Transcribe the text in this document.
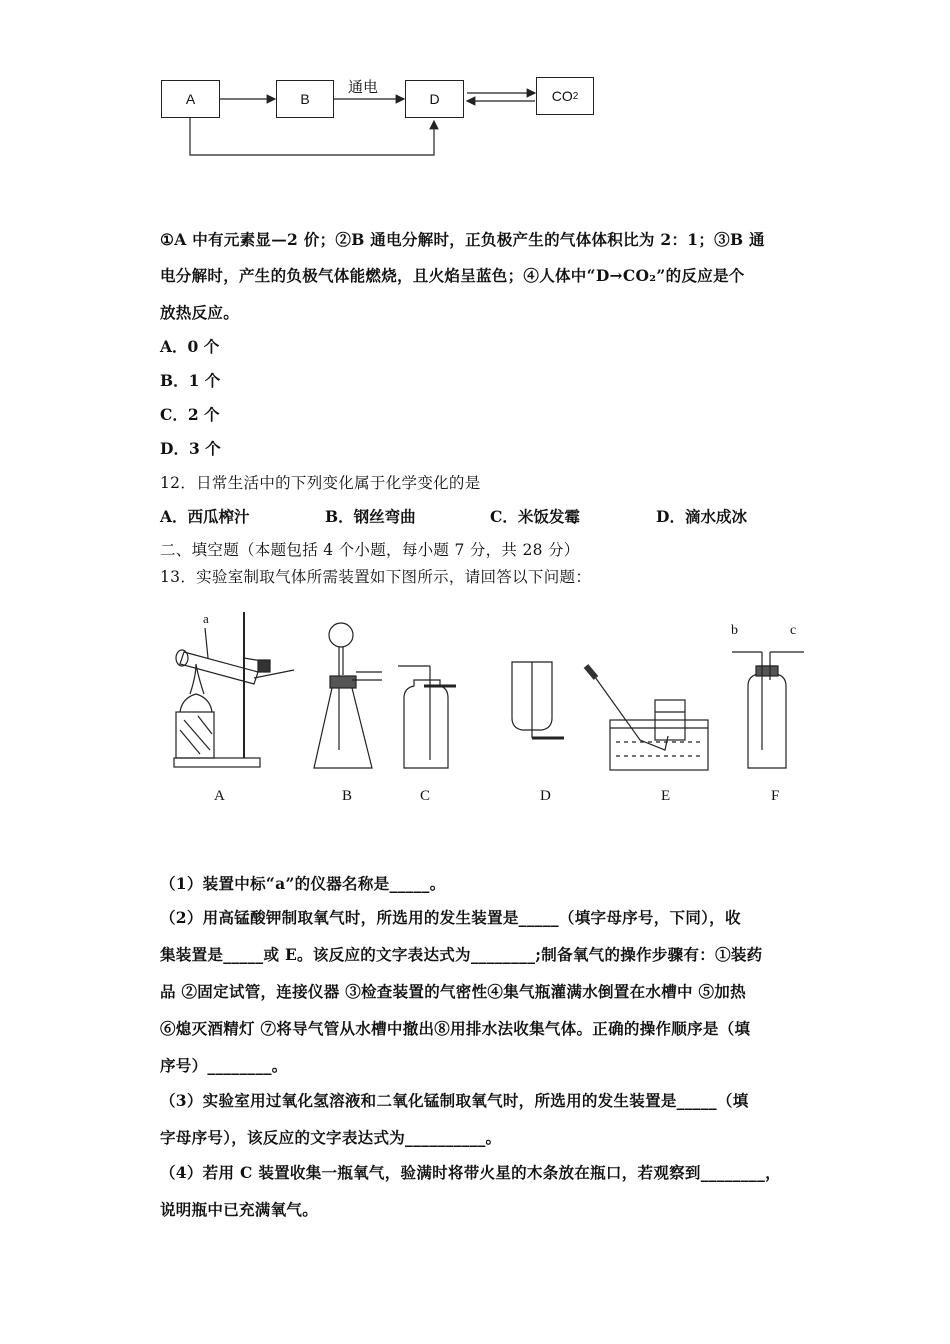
A	B	D	CO 2
通电
①A 中有元素显—2 价；②B 通电分解时，正负极产生的气体体积比为 2：1；③B 通
电分解时，产生的负极气体能燃烧，且火焰呈蓝色；④人体中“D→CO₂”的反应是个
放热反应。
A．0 个
B．1 个
C．2 个
D．3 个
12．日常生活中的下列变化属于化学变化的是
A．西瓜榨汁	B．钢丝弯曲	C．米饭发霉	D．滴水成冰
二、填空题（本题包括 4 个小题，每小题 7 分，共 28 分）
13．实验室制取气体所需装置如下图所示，请回答以下问题：
a
b	c
A	B	C	D	E	F
（1）装置中标“a”的仪器名称是_____。
（2）用高锰酸钾制取氧气时，所选用的发生装置是_____（填字母序号，下同），收
集装置是_____或 E。该反应的文字表达式为________;制备氧气的操作步骤有：①装药
品 ②固定试管，连接仪器 ③检查装置的气密性④集气瓶灌满水倒置在水槽中 ⑤加热
⑥熄灭酒精灯 ⑦将导气管从水槽中撤出⑧用排水法收集气体。正确的操作顺序是（填
序号）________。
（3）实验室用过氧化氢溶液和二氧化锰制取氧气时，所选用的发生装置是_____（填
字母序号），该反应的文字表达式为__________。
（4）若用 C 装置收集一瓶氧气，验满时将带火星的木条放在瓶口，若观察到________，
说明瓶中已充满氧气。
